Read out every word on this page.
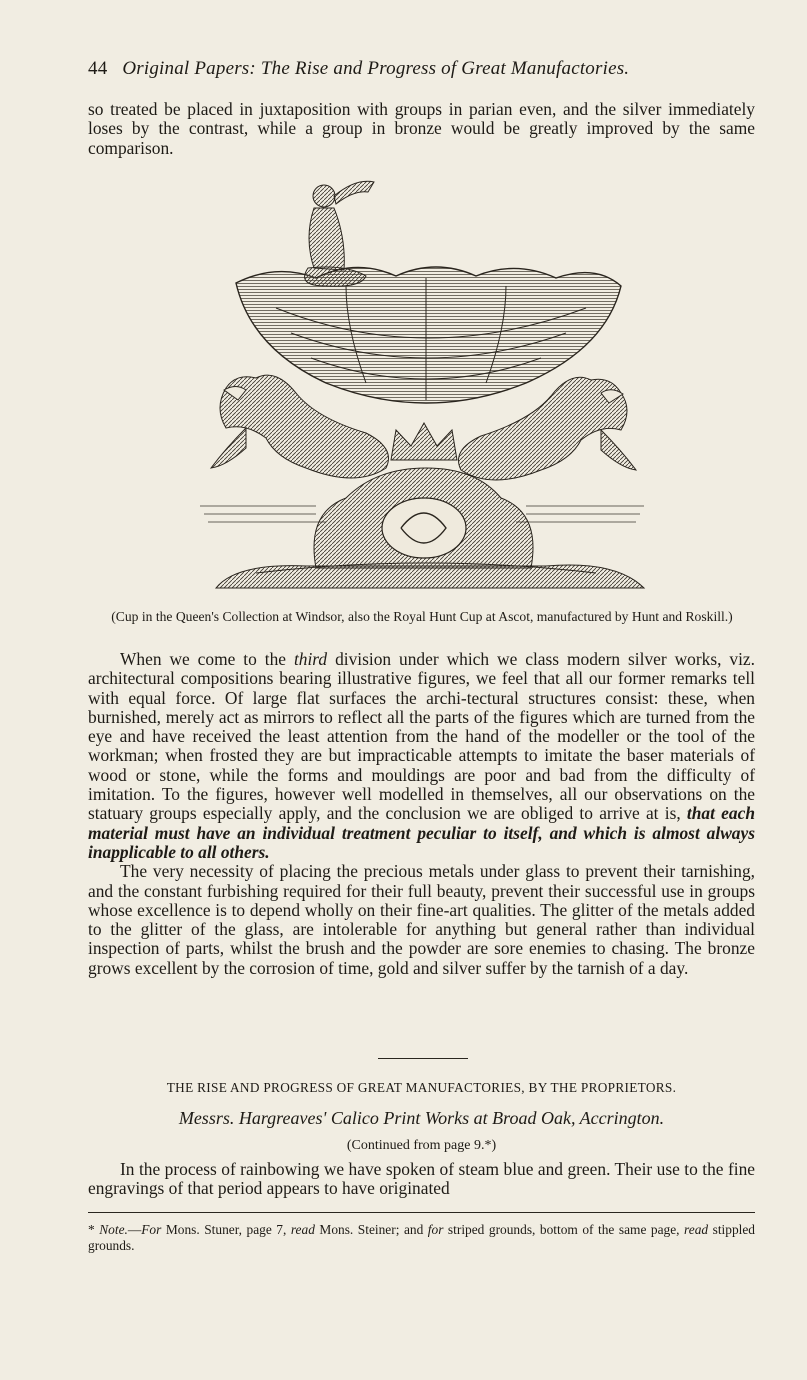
44 Original Papers: The Rise and Progress of Great Manufactories.

so treated be placed in juxtaposition with groups in parian even, and the silver immediately loses by the contrast, while a group in bronze would be greatly improved by the same comparison.

(Cup in the Queen's Collection at Windsor, also the Royal Hunt Cup at Ascot, manufactured by Hunt and Roskill.)

When we come to the third division under which we class modern silver works, viz. architectural compositions bearing illustrative figures, we feel that all our former remarks tell with equal force. Of large flat surfaces the archi-tectural structures consist: these, when burnished, merely act as mirrors to reflect all the parts of the figures which are turned from the eye and have received the least attention from the hand of the modeller or the tool of the workman; when frosted they are but impracticable attempts to imitate the baser materials of wood or stone, while the forms and mouldings are poor and bad from the difficulty of imitation. To the figures, however well modelled in themselves, all our observations on the statuary groups especially apply, and the conclusion we are obliged to arrive at is, that each material must have an individual treatment peculiar to itself, and which is almost always inapplicable to all others.

The very necessity of placing the precious metals under glass to prevent their tarnishing, and the constant furbishing required for their full beauty, prevent their successful use in groups whose excellence is to depend wholly on their fine-art qualities. The glitter of the metals added to the glitter of the glass, are intolerable for anything but general rather than individual inspection of parts, whilst the brush and the powder are sore enemies to chasing. The bronze grows excellent by the corrosion of time, gold and silver suffer by the tarnish of a day.

THE RISE AND PROGRESS OF GREAT MANUFACTORIES, BY THE PROPRIETORS.
Messrs. Hargreaves' Calico Print Works at Broad Oak, Accrington.
(Continued from page 9.*)

In the process of rainbowing we have spoken of steam blue and green. Their use to the fine engravings of that period appears to have originated

* Note.—For Mons. Stuner, page 7, read Mons. Steiner; and for striped grounds, bottom of the same page, read stippled grounds.
